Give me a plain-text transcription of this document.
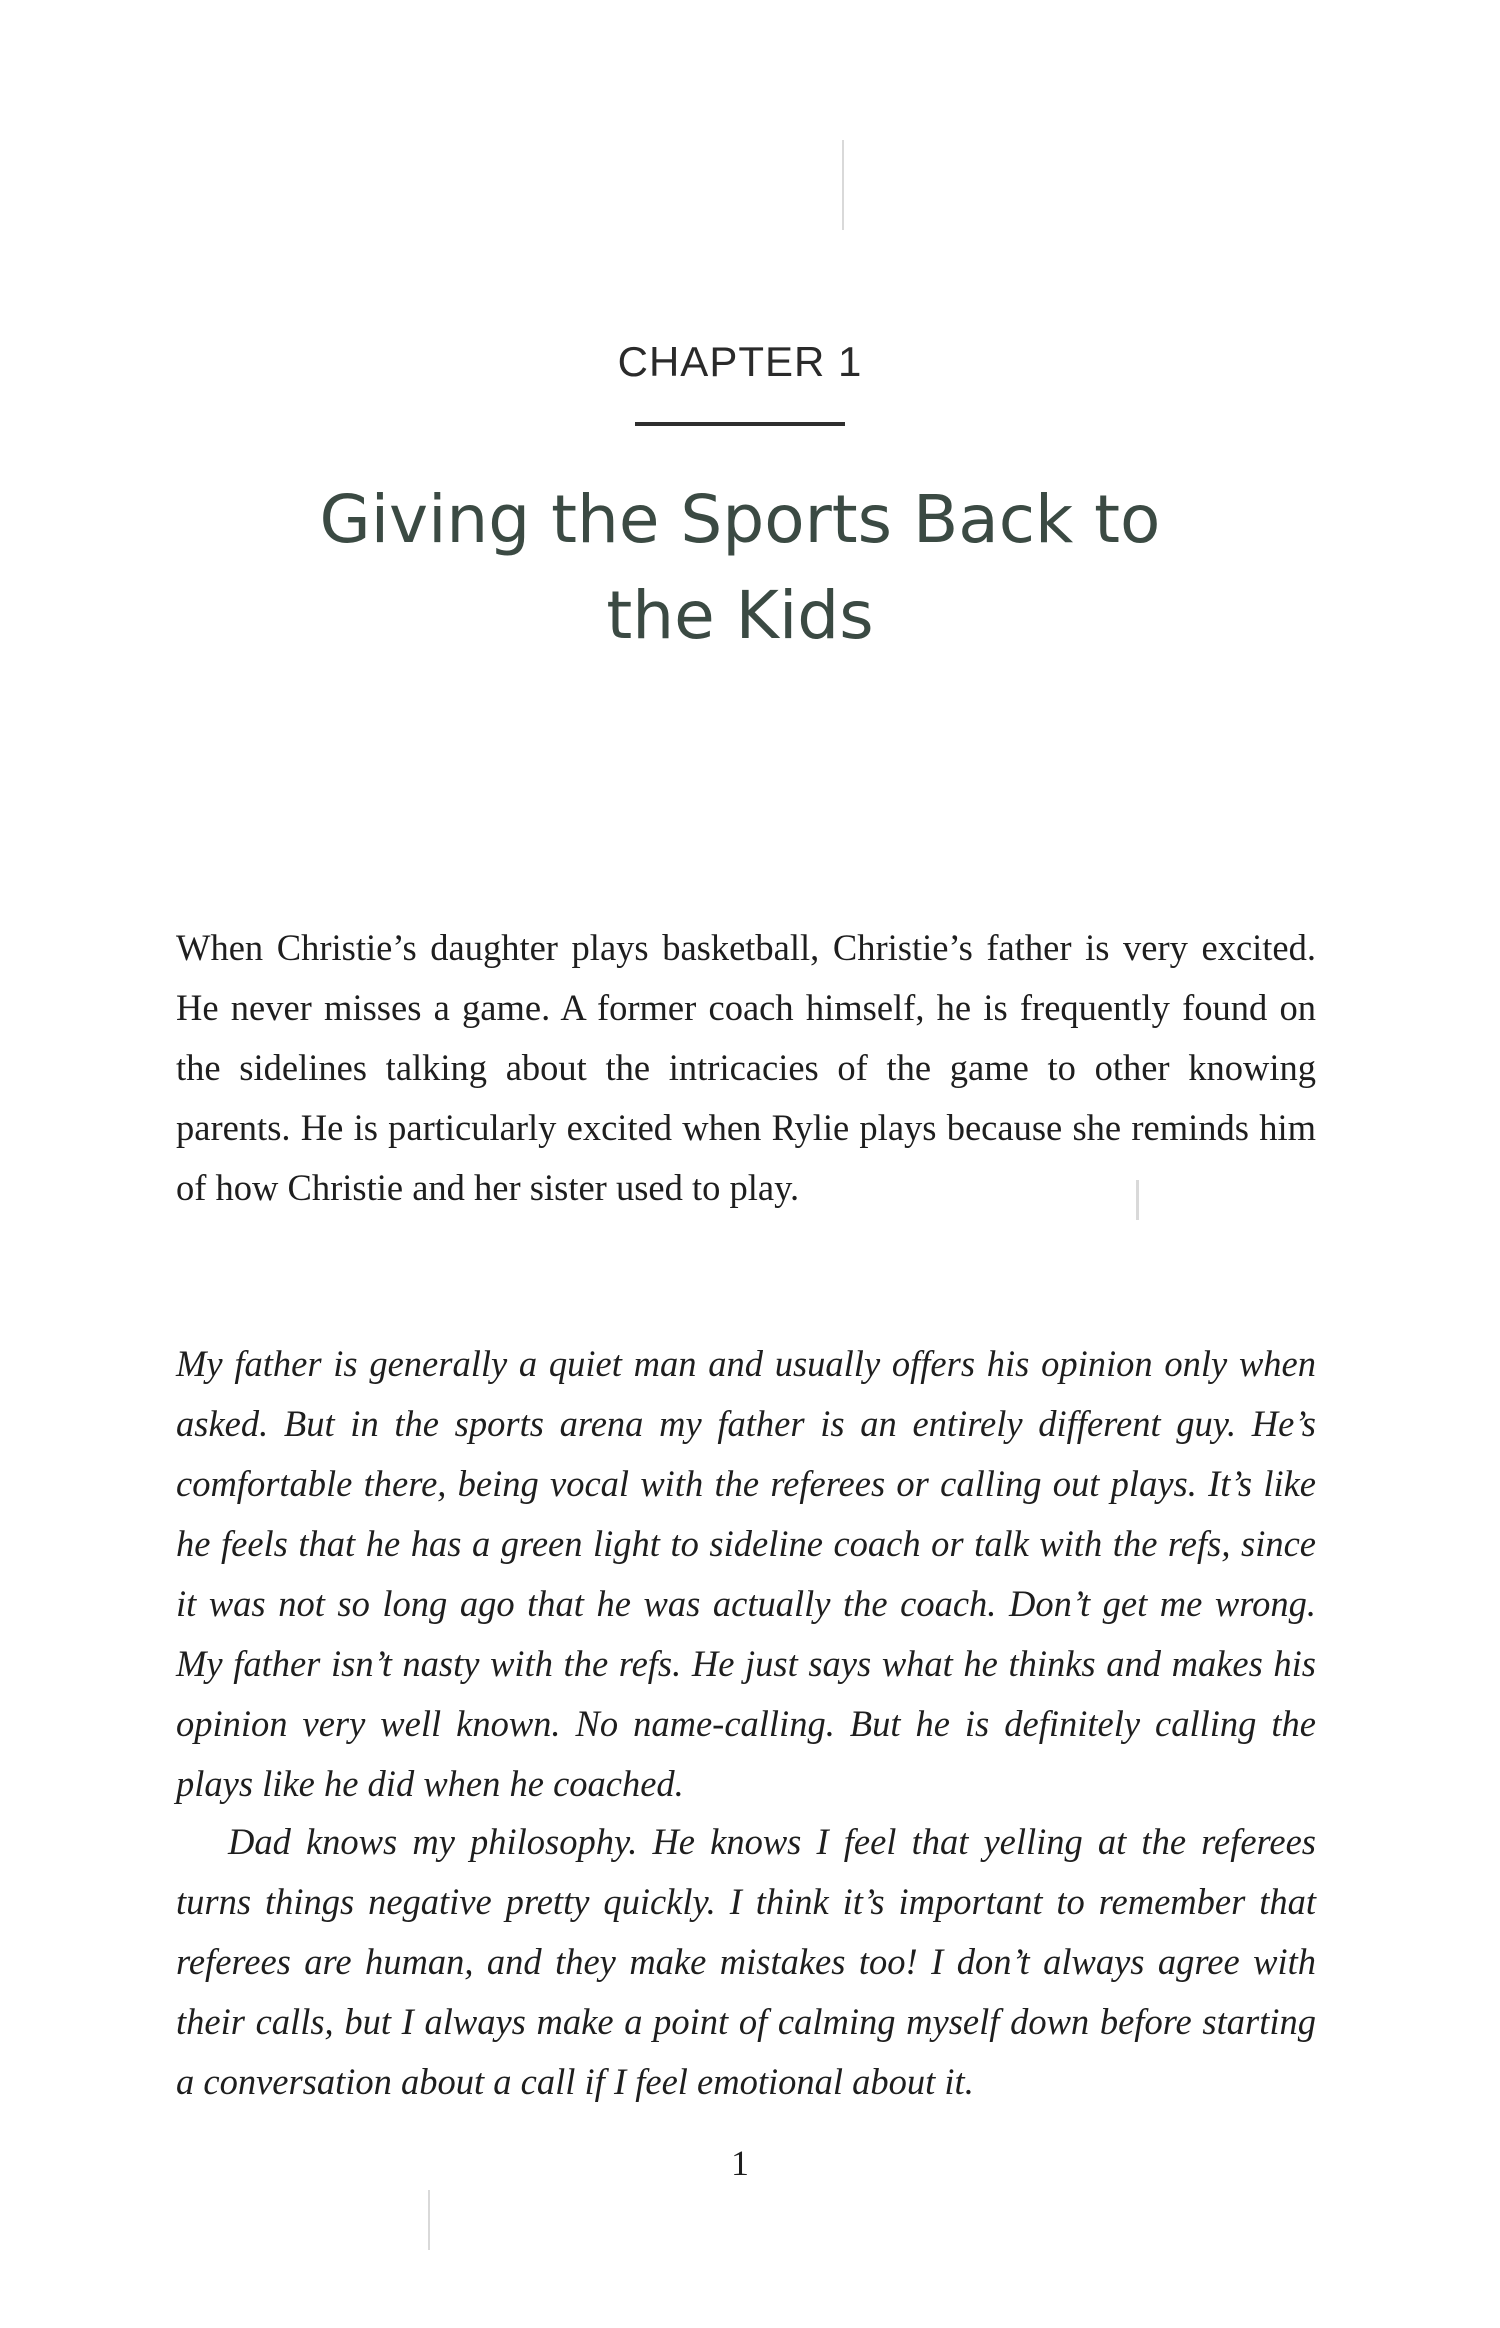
CHAPTER 1
Giving the Sports Back to
the Kids

When Christie’s daughter plays basketball, Christie’s father is very excited. He never misses a game. A former coach himself, he is frequently found on the sidelines talking about the intricacies of the game to other knowing parents. He is particularly excited when Rylie plays because she reminds him of how Christie and her sister used to play.

My father is generally a quiet man and usually offers his opinion only when asked. But in the sports arena my father is an entirely different guy. He’s comfortable there, being vocal with the referees or calling out plays. It’s like he feels that he has a green light to sideline coach or talk with the refs, since it was not so long ago that he was actually the coach. Don’t get me wrong. My father isn’t nasty with the refs. He just says what he thinks and makes his opinion very well known. No name-calling. But he is definitely calling the plays like he did when he coached.

Dad knows my philosophy. He knows I feel that yelling at the referees turns things negative pretty quickly. I think it’s important to remember that referees are human, and they make mistakes too! I don’t always agree with their calls, but I always make a point of calming myself down before starting a conversation about a call if I feel emotional about it.

1
